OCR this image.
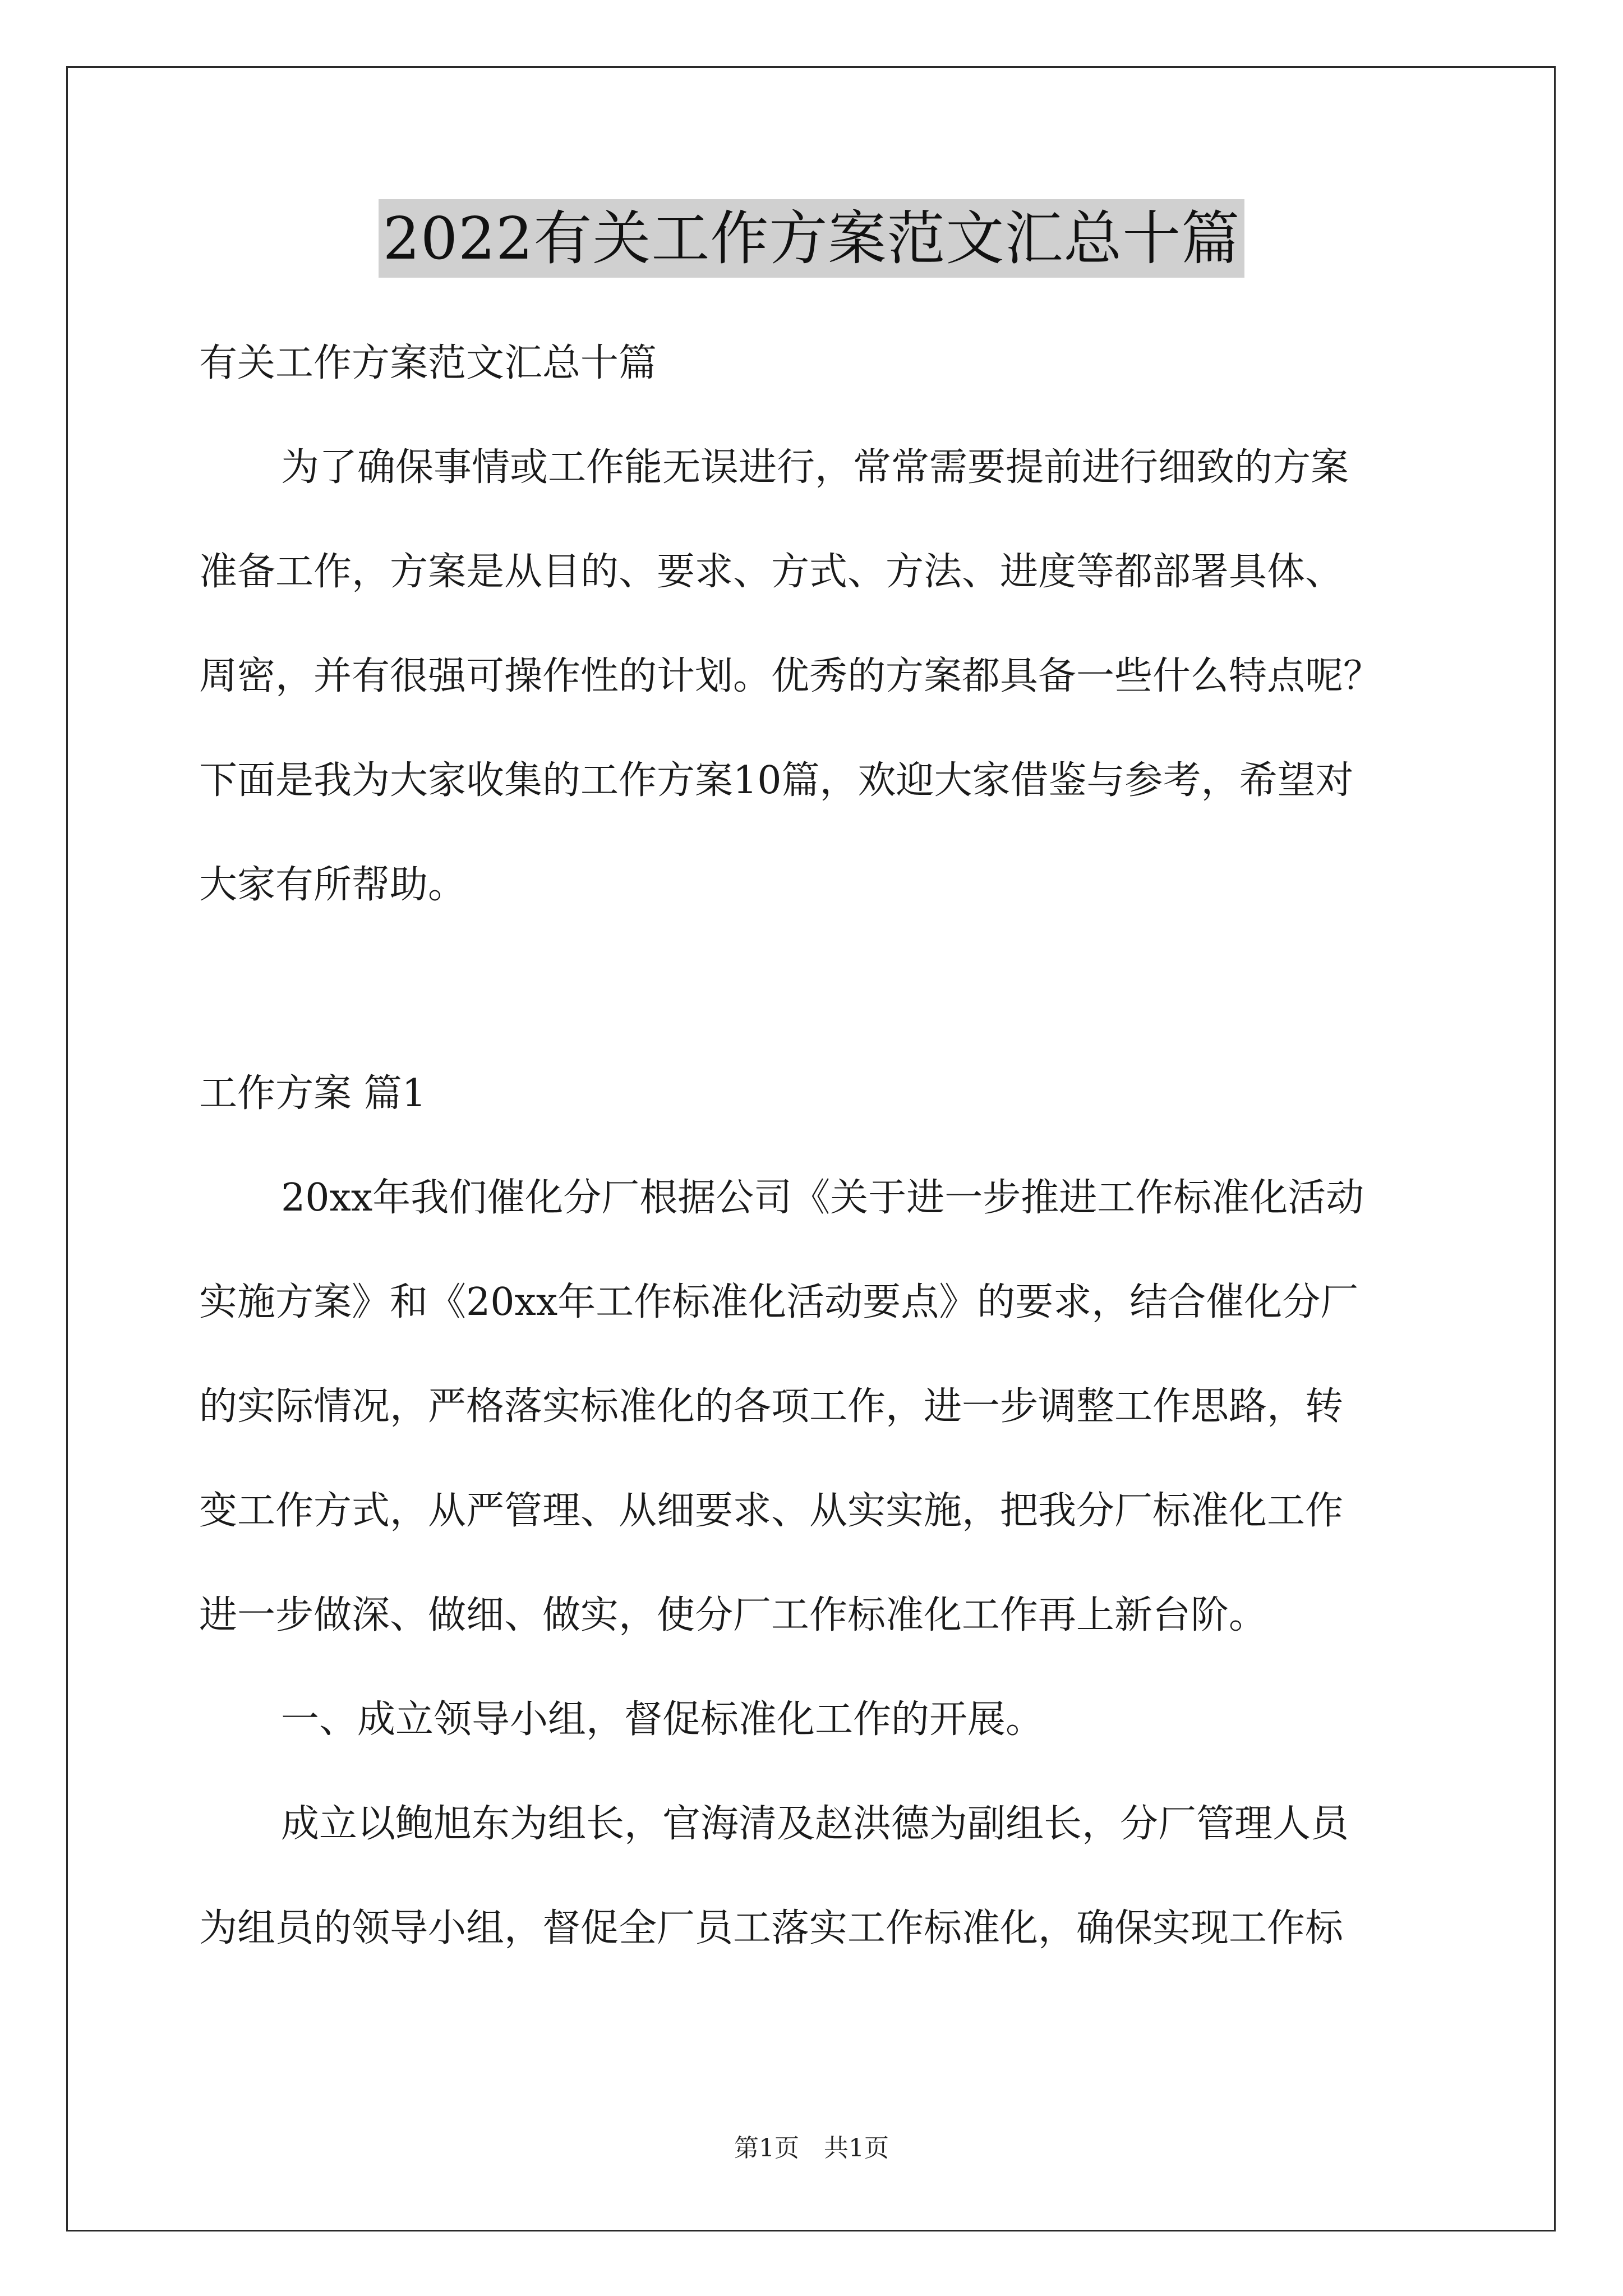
2022有关工作方案范文汇总十篇
有关工作方案范文汇总十篇
为了确保事情或工作能无误进行，常常需要提前进行细致的方案
准备工作，方案是从目的、要求、方式、方法、进度等都部署具体、
周密，并有很强可操作性的计划。优秀的方案都具备一些什么特点呢？
下面是我为大家收集的工作方案10篇，欢迎大家借鉴与参考，希望对
大家有所帮助。
工作方案 篇1
20xx年我们催化分厂根据公司《关于进一步推进工作标准化活动
实施方案》和《20xx年工作标准化活动要点》的要求，结合催化分厂
的实际情况，严格落实标准化的各项工作，进一步调整工作思路，转
变工作方式，从严管理、从细要求、从实实施，把我分厂标准化工作
进一步做深、做细、做实，使分厂工作标准化工作再上新台阶。
一、成立领导小组，督促标准化工作的开展。
成立以鲍旭东为组长，官海清及赵洪德为副组长，分厂管理人员
为组员的领导小组，督促全厂员工落实工作标准化，确保实现工作标
第1页　共1页
